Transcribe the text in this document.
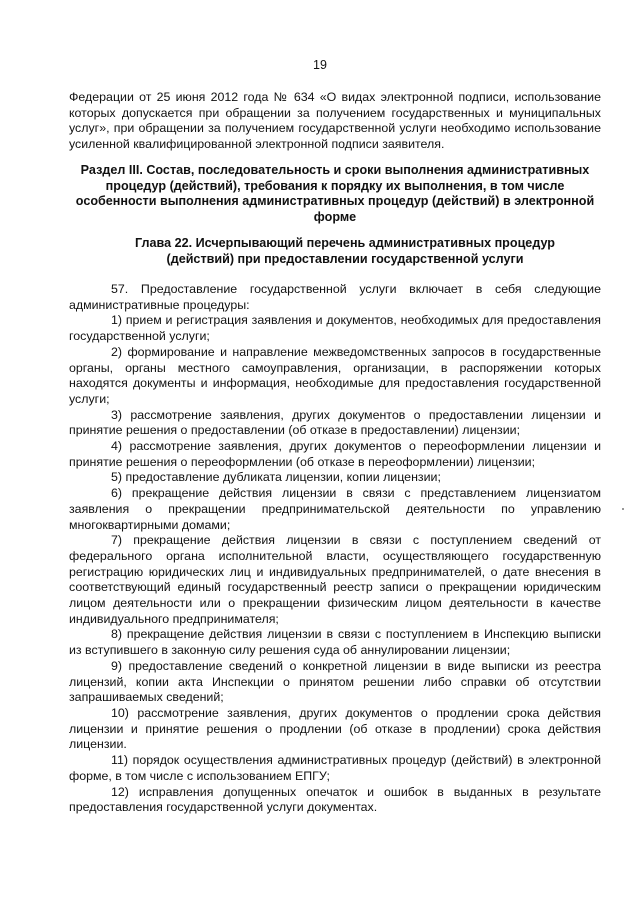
19

Федерации от 25 июня 2012 года № 634 «О видах электронной подписи, использование которых допускается при обращении за получением государственных и муниципальных услуг», при обращении за получением государственной услуги необходимо использование усиленной квалифицированной электронной подписи заявителя.

Раздел III. Состав, последовательность и сроки выполнения административных процедур (действий), требования к порядку их выполнения, в том числе особенности выполнения административных процедур (действий) в электронной форме
Глава 22. Исчерпывающий перечень административных процедур (действий) при предоставлении государственной услуги

57. Предоставление государственной услуги включает в себя следующие административные процедуры:

1) прием и регистрация заявления и документов, необходимых для предоставления государственной услуги;

2) формирование и направление межведомственных запросов в государственные органы, органы местного самоуправления, организации, в распоряжении которых находятся документы и информация, необходимые для предоставления государственной услуги;

3) рассмотрение заявления, других документов о предоставлении лицензии и принятие решения о предоставлении (об отказе в предоставлении) лицензии;

4) рассмотрение заявления, других документов о переоформлении лицензии и принятие решения о переоформлении (об отказе в переоформлении) лицензии;

5) предоставление дубликата лицензии, копии лицензии;

6) прекращение действия лицензии в связи с представлением лицензиатом заявления о прекращении предпринимательской деятельности по управлению многоквартирными домами;

7) прекращение действия лицензии в связи с поступлением сведений от федерального органа исполнительной власти, осуществляющего государственную регистрацию юридических лиц и индивидуальных предпринимателей, о дате внесения в соответствующий единый государственный реестр записи о прекращении юридическим лицом деятельности или о прекращении физическим лицом деятельности в качестве индивидуального предпринимателя;

8) прекращение действия лицензии в связи с поступлением в Инспекцию выписки из вступившего в законную силу решения суда об аннулировании лицензии;

9) предоставление сведений о конкретной лицензии в виде выписки из реестра лицензий, копии акта Инспекции о принятом решении либо справки об отсутствии запрашиваемых сведений;

10) рассмотрение заявления, других документов о продлении срока действия лицензии и принятие решения о продлении (об отказе в продлении) срока действия лицензии.

11) порядок осуществления административных процедур (действий) в электронной форме, в том числе с использованием ЕПГУ;

12) исправления допущенных опечаток и ошибок в выданных в результате предоставления государственной услуги документах.
